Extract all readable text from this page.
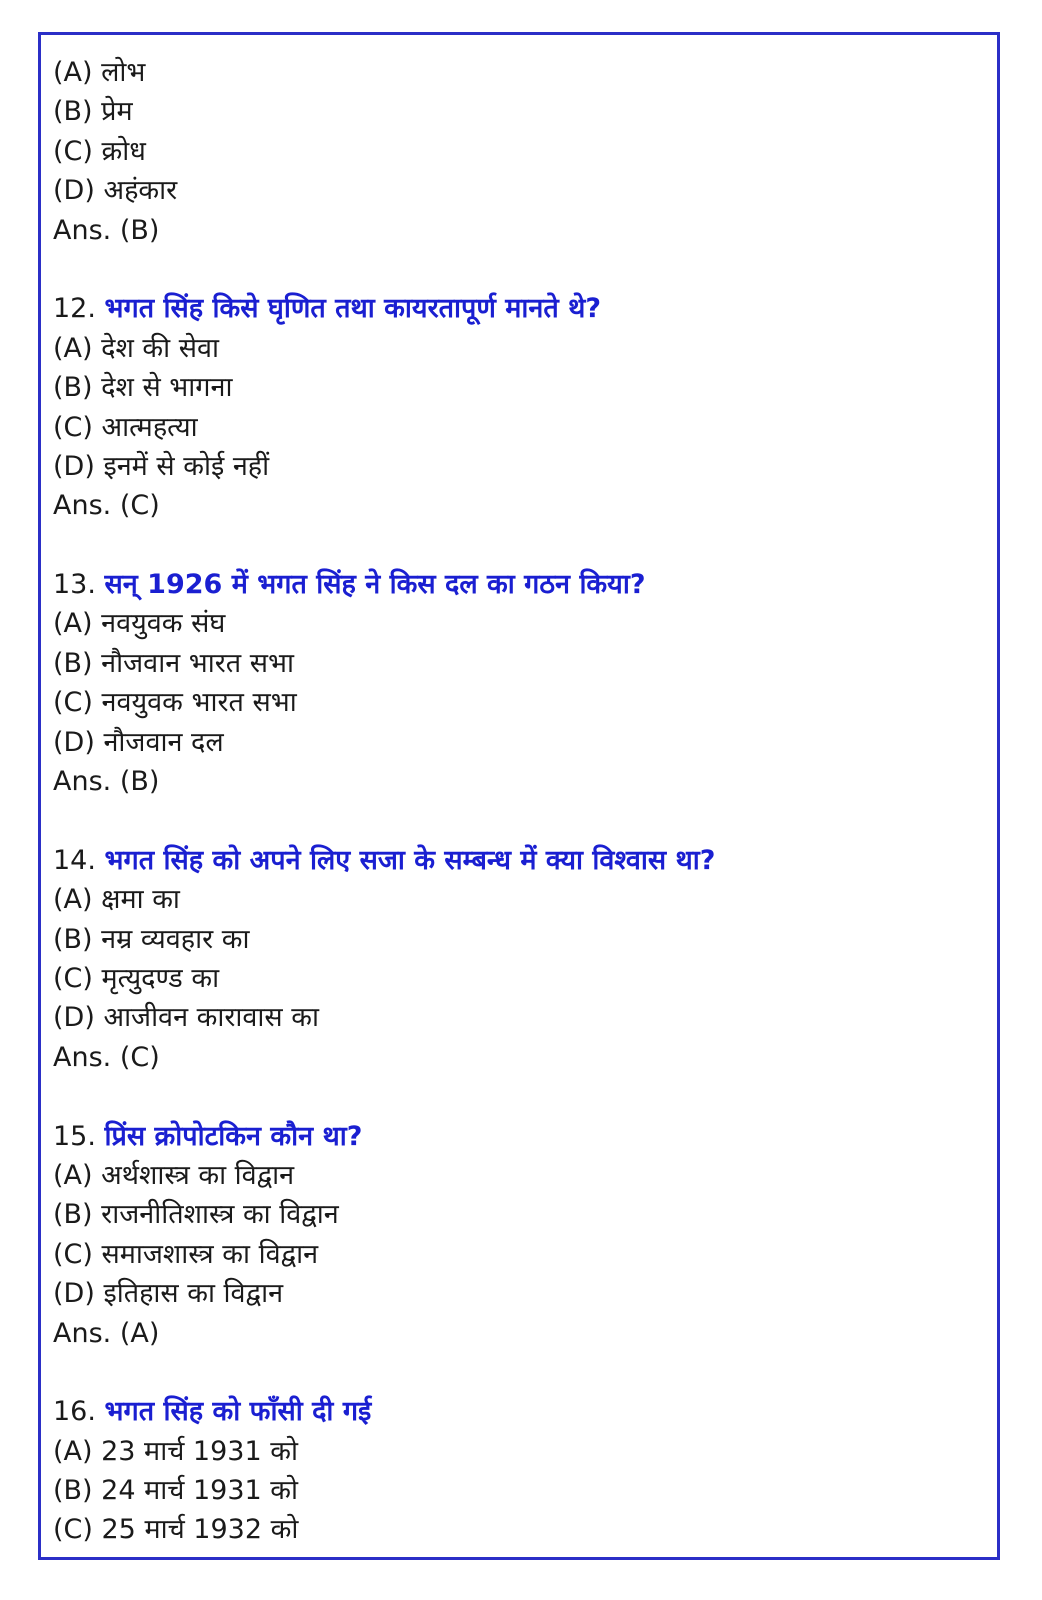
(A) लोभ
(B) प्रेम
(C) क्रोध
(D) अहंकार
Ans. (B)
12. भगत सिंह किसे घृणित तथा कायरतापूर्ण मानते थे?
(A) देश की सेवा
(B) देश से भागना
(C) आत्महत्या
(D) इनमें से कोई नहीं
Ans. (C)
13. सन् 1926 में भगत सिंह ने किस दल का गठन किया?
(A) नवयुवक संघ
(B) नौजवान भारत सभा
(C) नवयुवक भारत सभा
(D) नौजवान दल
Ans. (B)
14. भगत सिंह को अपने लिए सजा के सम्बन्ध में क्या विश्वास था?
(A) क्षमा का
(B) नम्र व्यवहार का
(C) मृत्युदण्ड का
(D) आजीवन कारावास का
Ans. (C)
15. प्रिंस क्रोपोटकिन कौन था?
(A) अर्थशास्त्र का विद्वान
(B) राजनीतिशास्त्र का विद्वान
(C) समाजशास्त्र का विद्वान
(D) इतिहास का विद्वान
Ans. (A)
16. भगत सिंह को फाँसी दी गई
(A) 23 मार्च 1931 को
(B) 24 मार्च 1931 को
(C) 25 मार्च 1932 को
